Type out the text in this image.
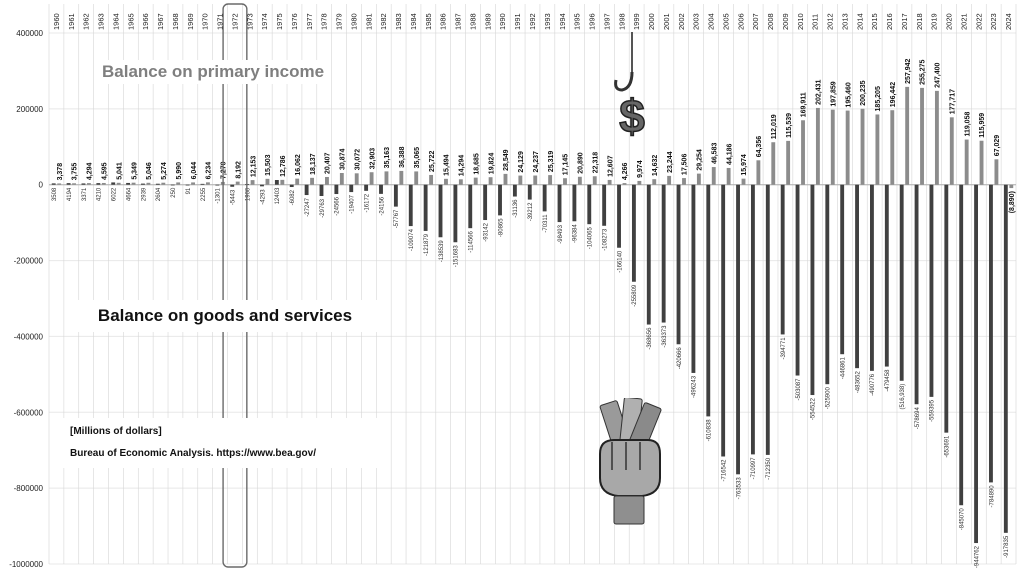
400000
200000
0
-200000
-400000
-600000
-800000
-1000000
1960 1961 1962 1963 1964 1965 1966 1967 1968 1969 1970 1971 1972 1973 1974 1975 1976 1977 1978 1979 1980 1981 1982 1983 1984 1985 1986 1987 1988 1989 1990 1991 1992 1993 1994 1995 1996 1997 1998 1999 2000 2001 2002 2003 2004 2005 2006 2007 2008 2009 2010 2011 2012 2013 2014 2015 2016 2017 2018 2019 2020 2021 2022 2023 2024
3,378
3508
3,755
4194
4,294
3371
4,595
4210
5,041
6022
5,349
4664
5,046
2939
5,274
2604
5,990
250
6,044
91
6,234
2255
7,270
-1301
8,192
-5443
12,153
1900
15,503
-4293
12,786
12403
16,062
-6082
18,137
-27247
20,407
-29763
30,874
-24566
30,072
-19407
32,903
-16172
35,163
-24156
36,388
-57767
35,065
-109074
25,722
-121879
15,494
-138539
14,294
-151683
18,685
-114566
19,824
-93142
28,549
-80865
24,129
-31136
24,237
-39212
25,319
-70311
17,145
-98493
20,890
-96384
22,318
-104065
12,607
-108273
4,266
-166140
9,974
-255809
14,632
-368656
23,244
-363373
17,506
-420666
29,254
-496243
46,583
-610838
44,186
-716542
15,974
-763533
64,356
-710997
112,019
-712350
115,539
-394771
169,911
-503087
202,431
-554522
197,859
-525900
195,460
-446861
200,235
-483652
185,205
-490776
196,442
-479458
257,942
(516,938)
255,275
-578694
247,400
-559395
177,717
-653691
119,058
-845070
115,959
-944762
67,029
-784890
(8,890)
-917835
Balance on primary income
Balance on goods and services
[Millions of dollars]
Bureau of Economic Analysis. https://www.bea.gov/
$
